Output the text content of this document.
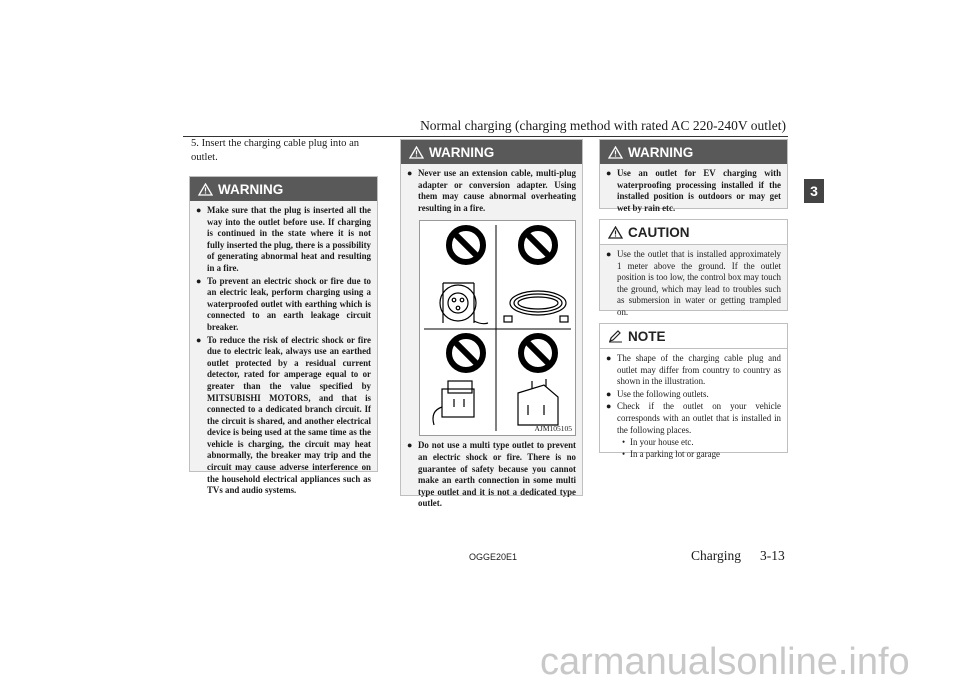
Normal charging (charging method with rated AC 220-240V outlet)
3
5. Insert the charging cable plug into an outlet.
WARNING
● Make sure that the plug is inserted all the way into the outlet before use. If charging is continued in the state where it is not fully inserted the plug, there is a possibility of generating abnormal heat and resulting in a fire.
● To prevent an electric shock or fire due to an electric leak, perform charging using a waterproofed outlet with earthing which is connected to an earth leakage circuit breaker.
● To reduce the risk of electric shock or fire due to electric leak, always use an earthed outlet protected by a residual current detector, rated for amperage equal to or greater than the value specified by MITSUBISHI MOTORS, and that is connected to a dedicated branch circuit. If the circuit is shared, and another electrical device is being used at the same time as the vehicle is charging, the circuit may heat abnormally, the breaker may trip and the circuit may cause adverse interference on the household electrical appliances such as TVs and audio systems.
WARNING
● Never use an extension cable, multi-plug adapter or conversion adapter. Using them may cause abnormal overheating resulting in a fire.
AJM105105
● Do not use a multi type outlet to prevent an electric shock or fire. There is no guarantee of safety because you cannot make an earth connection in some multi type outlet and it is not a dedicated type outlet.
WARNING
● Use an outlet for EV charging with waterproofing processing installed if the installed position is outdoors or may get wet by rain etc.
CAUTION
● Use the outlet that is installed approximately 1 meter above the ground. If the outlet position is too low, the control box may touch the ground, which may lead to troubles such as submersion in water or getting trampled on.
NOTE
● The shape of the charging cable plug and outlet may differ from country to country as shown in the illustration.
● Use the following outlets.
● Check if the outlet on your vehicle corresponds with an outlet that is installed in the following places.
• In your house etc.
• In a parking lot or garage
OGGE20E1	Charging 3-13
carmanualsonline.info
